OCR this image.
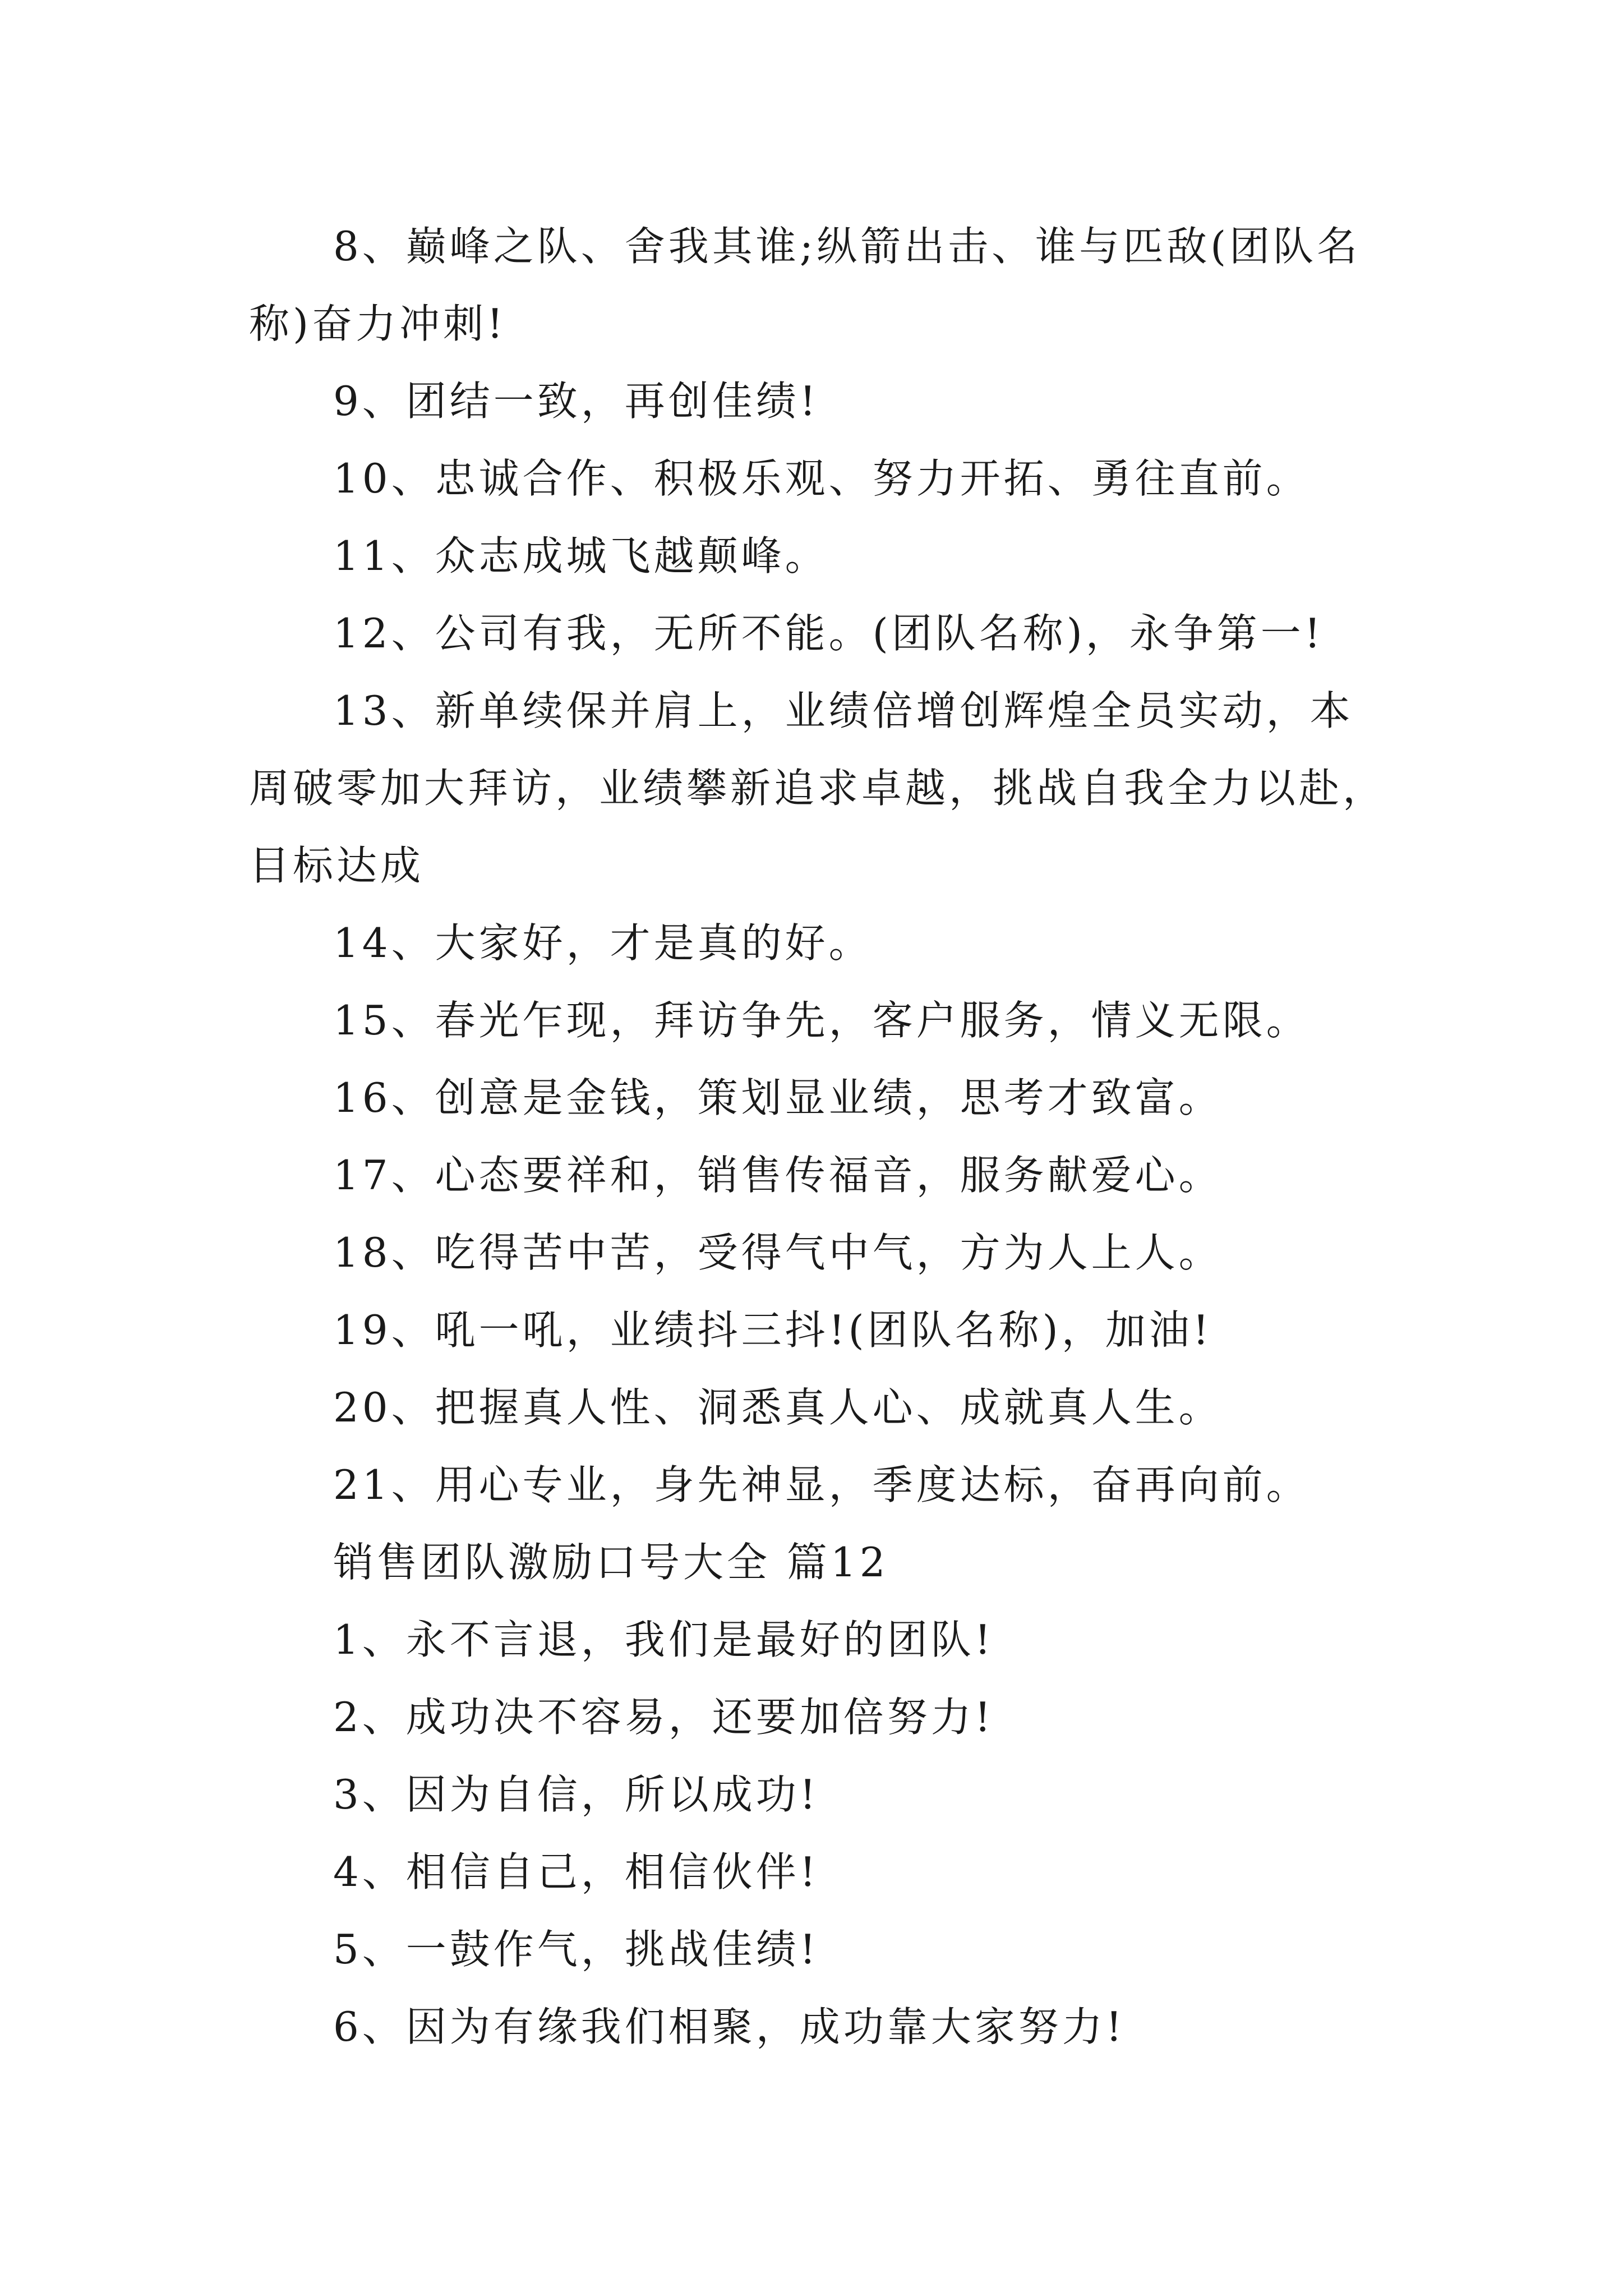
8、巅峰之队、舍我其谁;纵箭出击、谁与匹敌(团队名称)奋力冲刺!

9、团结一致，再创佳绩!

10、忠诚合作、积极乐观、努力开拓、勇往直前。

11、众志成城飞越颠峰。

12、公司有我，无所不能。(团队名称)，永争第一!

13、新单续保并肩上，业绩倍增创辉煌全员实动，本周破零加大拜访，业绩攀新追求卓越，挑战自我全力以赴，目标达成

14、大家好，才是真的好。

15、春光乍现，拜访争先，客户服务，情义无限。

16、创意是金钱，策划显业绩，思考才致富。

17、心态要祥和，销售传福音，服务献爱心。

18、吃得苦中苦，受得气中气，方为人上人。

19、吼一吼，业绩抖三抖!(团队名称)，加油!

20、把握真人性、洞悉真人心、成就真人生。

21、用心专业，身先神显，季度达标，奋再向前。

销售团队激励口号大全 篇12

1、永不言退，我们是最好的团队!

2、成功决不容易，还要加倍努力!

3、因为自信，所以成功!

4、相信自己，相信伙伴!

5、一鼓作气，挑战佳绩!

6、因为有缘我们相聚，成功靠大家努力!
